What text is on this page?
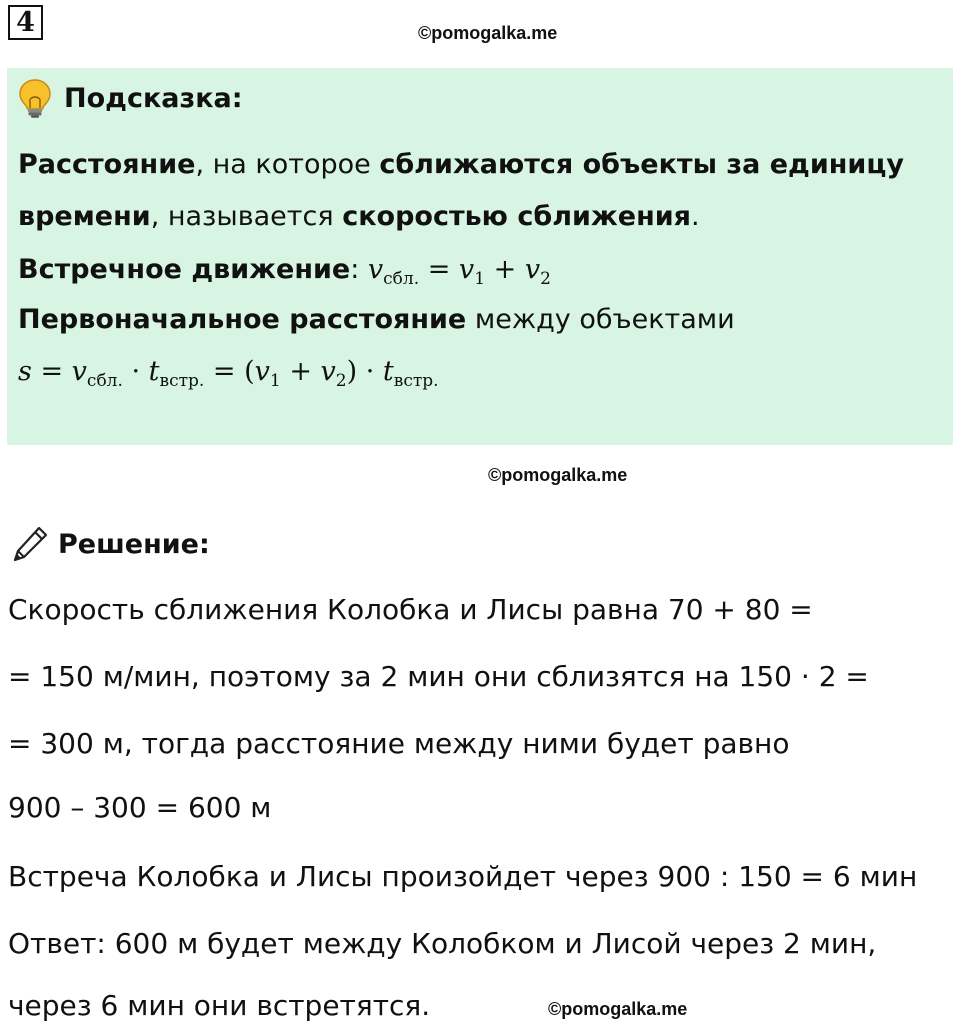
4	©pomogalka.me
Подсказка:
Расстояние, на которое сближаются объекты за единицу
времени, называется скоростью сближения.
Встречное движение: $v_{сбл.} = v_1 + v_2$
Первоначальное расстояние между объектами
$s = v_{сбл.} \cdot t_{встр.} = (v_1 + v_2) \cdot t_{встр.}$
©pomogalka.me
Решение:
Скорость сближения Колобка и Лисы равна 70 + 80 =
= 150 м/мин, поэтому за 2 мин они сблизятся на 150 · 2 =
= 300 м, тогда расстояние между ними будет равно
900 – 300 = 600 м
Встреча Колобка и Лисы произойдет через 900 : 150 = 6 мин
Ответ: 600 м будет между Колобком и Лисой через 2 мин,
через 6 мин они встретятся.	©pomogalka.me
